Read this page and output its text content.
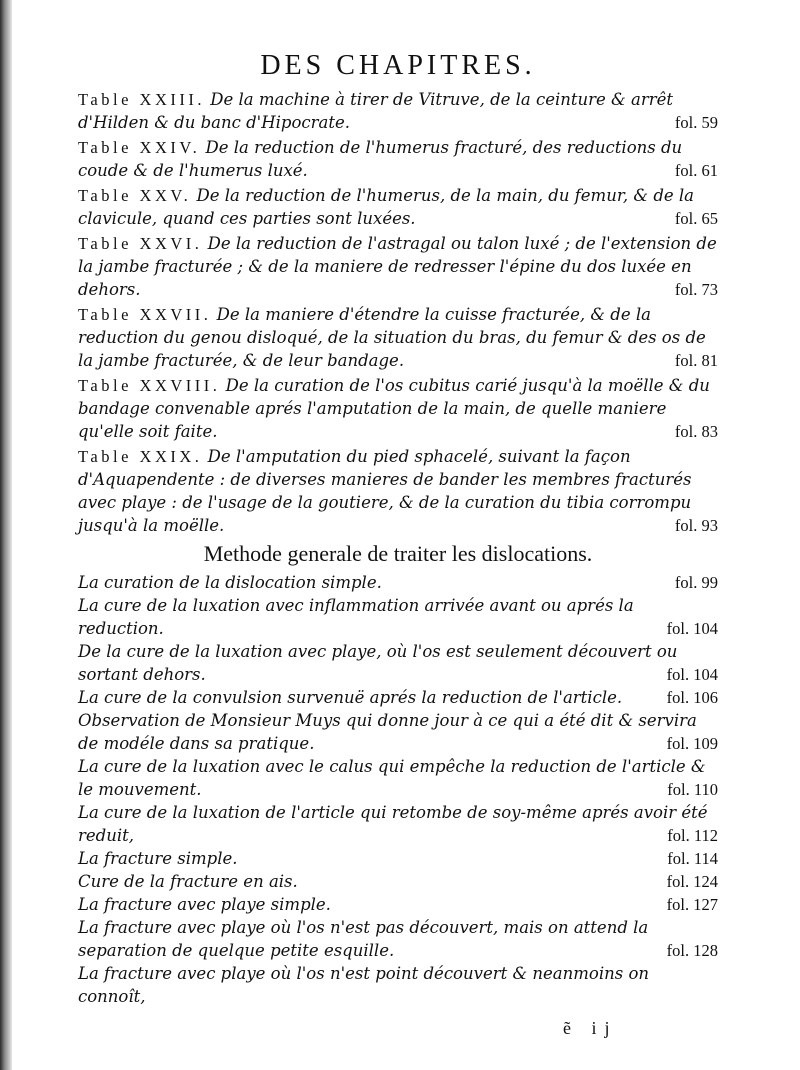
DES CHAPITRES.
Table XXIII. De la machine à tirer de Vitruve, de la ceinture & arrêt d'Hilden & du banc d'Hipocrate.	fol. 59
Table XXIV. De la reduction de l'humerus fracturé, des reductions du coude & de l'humerus luxé.	fol. 61
Table XXV. De la reduction de l'humerus, de la main, du femur, & de la clavicule, quand ces parties sont luxées.	fol. 65
Table XXVI. De la reduction de l'astragal ou talon luxé ; de l'extension de la jambe fracturée ; & de la maniere de redresser l'épine du dos luxée en dehors.	fol. 73
Table XXVII. De la maniere d'étendre la cuisse fracturée, & de la reduction du genou disloqué, de la situation du bras, du femur & des os de la jambe fracturée, & de leur bandage.	fol. 81
Table XXVIII. De la curation de l'os cubitus carié jusqu'à la moëlle & du bandage convenable aprés l'amputation de la main, de quelle maniere qu'elle soit faite.	fol. 83
Table XXIX. De l'amputation du pied sphacelé, suivant la façon d'Aquapendente : de diverses manieres de bander les membres fracturés avec playe : de l'usage de la goutiere, & de la curation du tibia corrompu jusqu'à la moëlle.	fol. 93
Methode generale de traiter les dislocations.
La curation de la dislocation simple.	fol. 99
La cure de la luxation avec inflammation arrivée avant ou aprés la reduction.	fol. 104
De la cure de la luxation avec playe, où l'os est seulement découvert ou sortant dehors.	fol. 104
La cure de la convulsion survenuë aprés la reduction de l'article.	fol. 106
Observation de Monsieur Muys qui donne jour à ce qui a été dit & servira de modéle dans sa pratique.	fol. 109
La cure de la luxation avec le calus qui empêche la reduction de l'article & le mouvement.	fol. 110
La cure de la luxation de l'article qui retombe de soy-même aprés avoir été reduit,	fol. 112
La fracture simple.	fol. 114
Cure de la fracture en ais.	fol. 124
La fracture avec playe simple.	fol. 127
La fracture avec playe où l'os n'est pas découvert, mais on attend la separation de quelque petite esquille.	fol. 128
La fracture avec playe où l'os n'est point découvert & neanmoins on connoît,
ẽ ij
